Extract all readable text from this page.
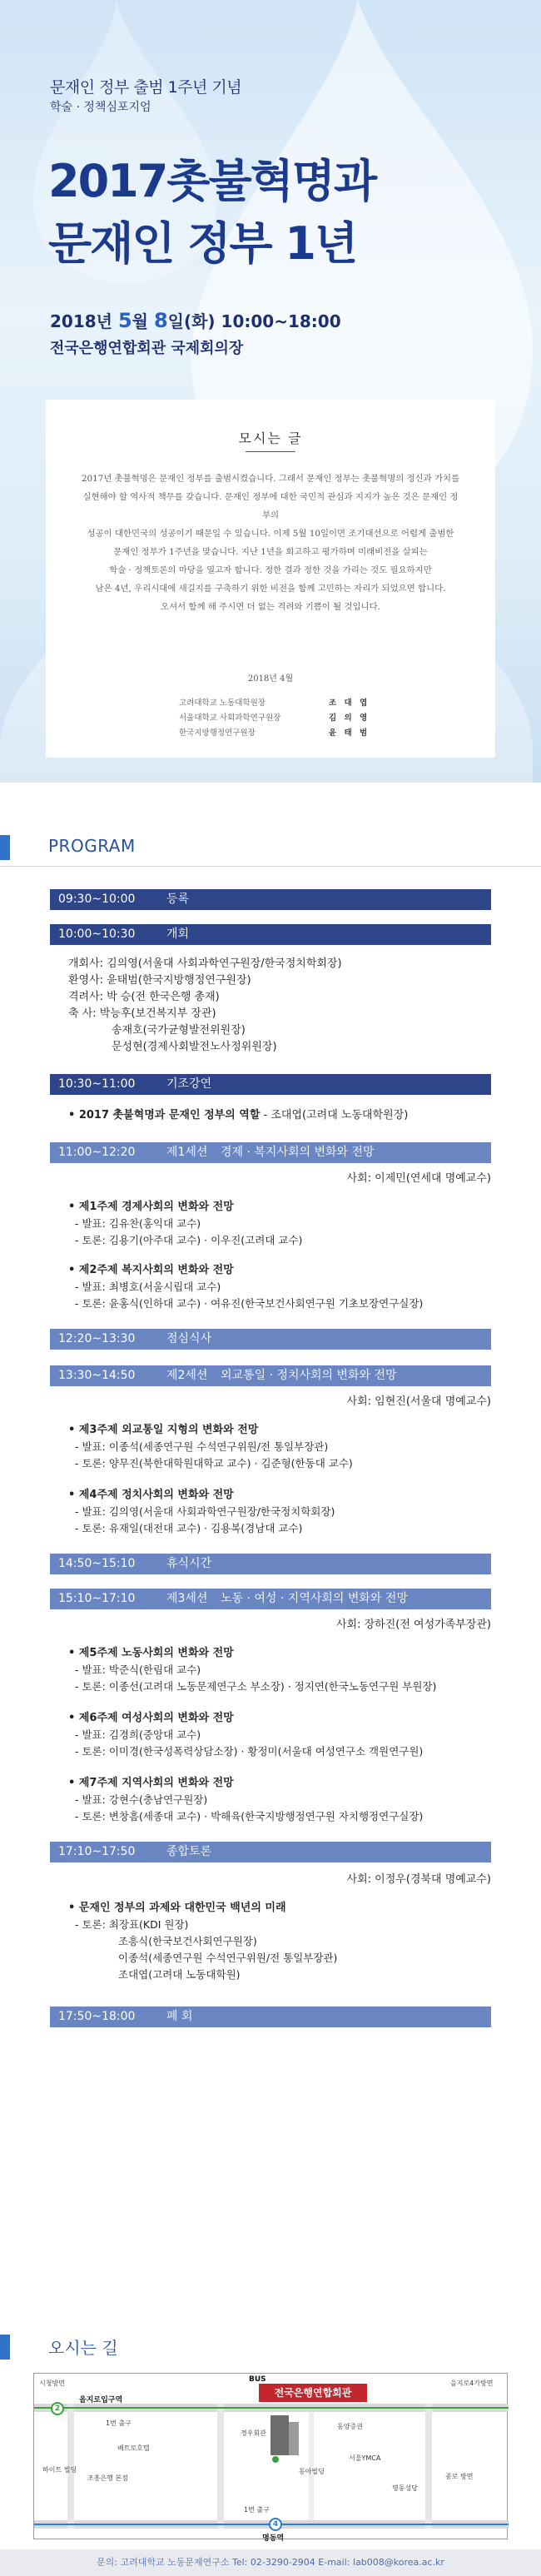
문재인 정부 출범 1주년 기념
학술 · 정책심포지엄
2017촛불혁명과
문재인 정부 1년
2018년 5월 8일(화) 10:00~18:00
전국은행연합회관 국제회의장
모시는 글
2017년 촛불혁명은 문재인 정부를 출범시켰습니다. 그래서 문재인 정부는 촛불혁명의 정신과 가치를
실현해야 할 역사적 책무를 갖습니다. 문재인 정부에 대한 국민적 관심과 지지가 높은 것은 문재인 정부의
성공이 대한민국의 성공이기 때문일 수 있습니다. 이제 5월 10일이면 조기대선으로 어렵게 출범한
문재인 정부가 1주년을 맞습니다. 지난 1년을 회고하고 평가하며 미래비전을 살피는
학술 · 정책토론의 마당을 열고자 합니다. 정한 결과 정한 것을 가리는 것도 필요하지만
남은 4년, 우리시대에 새길지를 구축하기 위한 비전을 함께 고민하는 자리가 되었으면 합니다.
오셔서 함께 해 주시면 더 없는 격려와 기쁨이 될 것입니다.
2018년 4월
고려대학교 노동대학원장	조 대 엽
서울대학교 사회과학연구원장	김 의 영
한국지방행정연구원장	윤 태 범
PROGRAM
09:30~10:00	등록
10:00~10:30	개회
개회사: 김의영(서울대 사회과학연구원장/한국정치학회장)
환영사: 윤태범(한국지방행정연구원장)
격려사: 박 승(전 한국은행 총재)
축 사: 박능후(보건복지부 장관)
송재호(국가균형발전위원장)
문성현(경제사회발전노사정위원장)
10:30~11:00	기조강연
• 2017 촛불혁명과 문재인 정부의 역할 - 조대엽(고려대 노동대학원장)
11:00~12:20	제1세션 경제 · 복지사회의 변화와 전망
사회: 이제민(연세대 명예교수)
• 제1주제 경제사회의 변화와 전망
- 발표: 김유찬(홍익대 교수)
- 토론: 김용기(아주대 교수) · 이우진(고려대 교수)
• 제2주제 복지사회의 변화와 전망
- 발표: 최병호(서울시립대 교수)
- 토론: 윤홍식(인하대 교수) · 여유진(한국보건사회연구원 기초보장연구실장)
12:20~13:30	점심식사
13:30~14:50	제2세션 외교통일 · 정치사회의 변화와 전망
사회: 임현진(서울대 명예교수)
• 제3주제 외교통일 지형의 변화와 전망
- 발표: 이종석(세종연구원 수석연구위원/전 통일부장관)
- 토론: 양무진(북한대학원대학교 교수) · 김준형(한동대 교수)
• 제4주제 정치사회의 변화와 전망
- 발표: 김의영(서울대 사회과학연구원장/한국정치학회장)
- 토론: 유재일(대전대 교수) · 김용복(경남대 교수)
14:50~15:10	휴식시간
15:10~17:10	제3세션 노동 · 여성 · 지역사회의 변화와 전망
사회: 장하진(전 여성가족부장관)
• 제5주제 노동사회의 변화와 전망
- 발표: 박준식(한림대 교수)
- 토론: 이종선(고려대 노동문제연구소 부소장) · 정지연(한국노동연구원 부원장)
• 제6주제 여성사회의 변화와 전망
- 발표: 김경희(중앙대 교수)
- 토론: 이미경(한국성폭력상담소장) · 황정미(서울대 여성연구소 객원연구원)
• 제7주제 지역사회의 변화와 전망
- 발표: 강현수(충남연구원장)
- 토론: 변창흠(세종대 교수) · 박해육(한국지방행정연구원 자치행정연구실장)
17:10~17:50	종합토론
사회: 이정우(경북대 명예교수)
• 문재인 정부의 과제와 대한민국 백년의 미래
- 토론: 최장표(KDI 원장)
조흥식(한국보건사회연구원장)
이종석(세종연구원 수석연구위원/전 통일부장관)
조대엽(고려대 노동대학원)
17:50~18:00	폐 회
오시는 길
시청방면
을지로입구역
을지로4가방면
BUS
전국은행연합회관
2
4
1번 출구
배트로호텔
하이트 빌딩
조흥은행 본점
경우회관
동양증권
서울YMCA
동아빌딩
명동성당
1번 출구
명동역
종로 방면
문의: 고려대학교 노동문제연구소 Tel: 02-3290-2904 E-mail: lab008@korea.ac.kr
